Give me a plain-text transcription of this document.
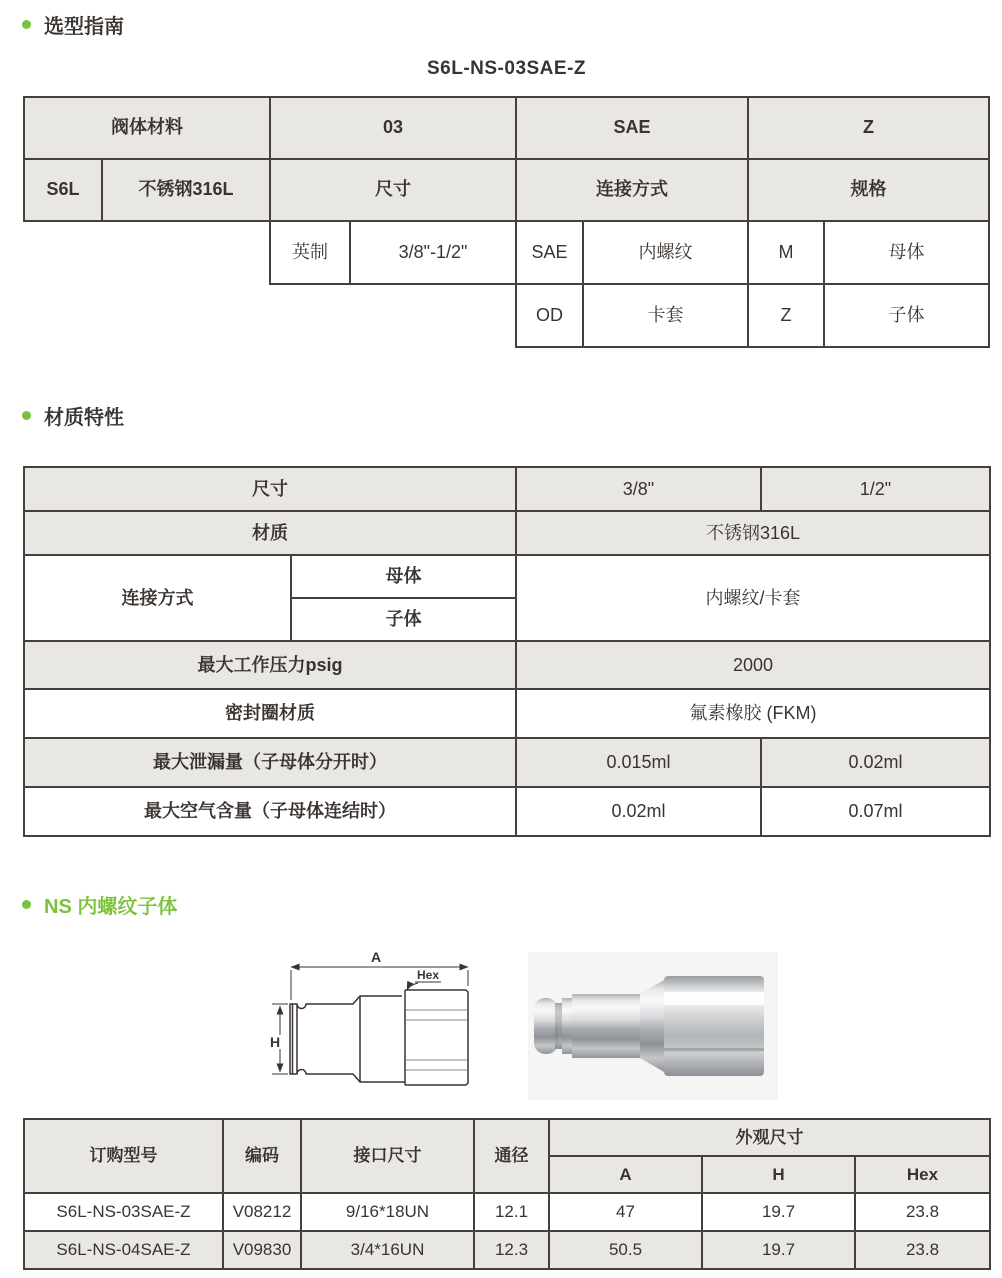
选型指南
S6L-NS-03SAE-Z
阀体材料	03	SAE	Z
S6L	不锈钢316L	尺寸	连接方式	规格
英制	3/8"-1/2"	SAE	内螺纹	M	母体
OD	卡套	Z	子体
材质特性
尺寸		3/8"	1/2"
材质		不锈钢316L	
连接方式	母体	内螺纹/卡套	
	子体		
最大工作压力psig		2000	
密封圈材质		氟素橡胶 (FKM)	
最大泄漏量（子母体分开时）		0.015ml	0.02ml
最大空气含量（子母体连结时）		0.02ml	0.07ml
NS 内螺纹子体
A
Hex
H
订购型号	编码	接口尺寸	通径	外观尺寸		
				A	H	Hex
S6L-NS-03SAE-Z	V08212	9/16*18UN	12.1	47	19.7	23.8
S6L-NS-04SAE-Z	V09830	3/4*16UN	12.3	50.5	19.7	23.8
